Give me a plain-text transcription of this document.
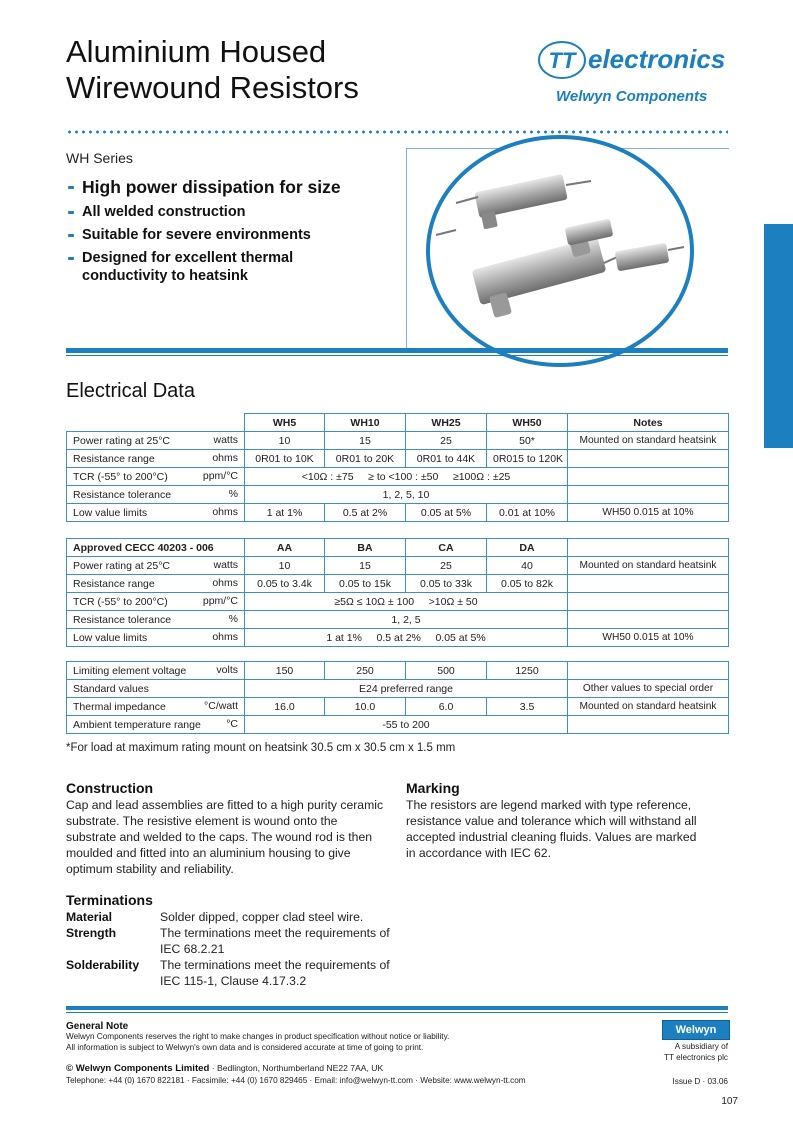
Aluminium Housed
Wirewound Resistors
TT electronics
Welwyn Components
WH Series
High power dissipation for size
All welded construction
Suitable for severe environments
Designed for excellent thermal conductivity to heatsink
Electrical Data
	WH5	WH10	WH25	WH50	Notes
Power rating at 25°C watts	10	15	25	50*	Mounted on standard heatsink
Resistance range ohms	0R01 to 10K	0R01 to 20K	0R01 to 44K	0R015 to 120K	
TCR (-55° to 200°C) ppm/°C	<10Ω : ±75     ≥ to <100 : ±50     ≥100Ω : ±25				
Resistance tolerance %	1, 2, 5, 10				
Low value limits ohms	1 at 1%	0.5 at 2%	0.05 at 5%	0.01 at 10%	WH50 0.015 at 10%
Approved CECC 40203 - 006	AA	BA	CA	DA	
Power rating at 25°C watts	10	15	25	40	Mounted on standard heatsink
Resistance range ohms	0.05 to 3.4k	0.05 to 15k	0.05 to 33k	0.05 to 82k	
TCR (-55° to 200°C) ppm/°C	≥5Ω ≤ 10Ω ± 100     >10Ω ± 50				
Resistance tolerance %	1, 2, 5				
Low value limits ohms	1 at 1%     0.5 at 2%     0.05 at 5%				WH50 0.015 at 10%
Limiting element voltage volts	150	250	500	1250	
Standard values	E24 preferred range				Other values to special order
Thermal impedance °C/watt	16.0	10.0	6.0	3.5	Mounted on standard heatsink
Ambient temperature range °C	-55 to 200				
*For load at maximum rating mount on heatsink 30.5 cm x 30.5 cm x 1.5 mm
Construction
Cap and lead assemblies are fitted to a high purity ceramic substrate. The resistive element is wound onto the substrate and welded to the caps. The wound rod is then moulded and fitted into an aluminium housing to give optimum stability and reliability.
Marking
The resistors are legend marked with type reference, resistance value and tolerance which will withstand all accepted industrial cleaning fluids. Values are marked in accordance with IEC 62.
Terminations
Material	Solder dipped, copper clad steel wire.
Strength	The terminations meet the requirements of IEC 68.2.21
Solderability The terminations meet the requirements of IEC 115-1, Clause 4.17.3.2
General Note
Welwyn Components reserves the right to make changes in product specification without notice or liability.
All information is subject to Welwyn's own data and is considered accurate at time of going to print.
© Welwyn Components Limited · Bedlington, Northumberland NE22 7AA, UK
Telephone: +44 (0) 1670 822181 · Facsimile: +44 (0) 1670 829465 · Email: info@welwyn-tt.com · Website: www.welwyn-tt.com
Welwyn
A subsidiary of
TT electronics plc
Issue D · 03.06
107
